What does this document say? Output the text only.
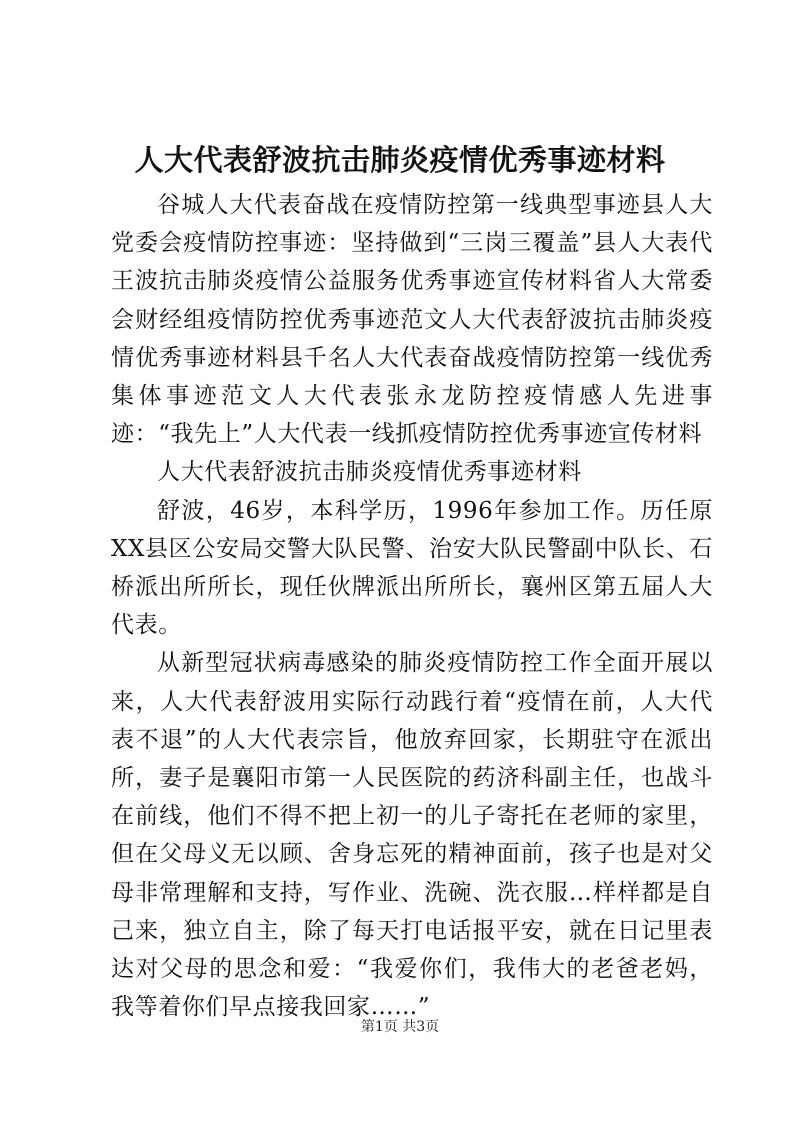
人大代表舒波抗击肺炎疫情优秀事迹材料

谷城人大代表奋战在疫情防控第一线典型事迹县人大党委会疫情防控事迹：坚持做到“三岗三覆盖”县人大表代王波抗击肺炎疫情公益服务优秀事迹宣传材料省人大常委会财经组疫情防控优秀事迹范文人大代表舒波抗击肺炎疫情优秀事迹材料县千名人大代表奋战疫情防控第一线优秀集体事迹范文人大代表张永龙防控疫情感人先进事迹：“我先上”人大代表一线抓疫情防控优秀事迹宣传材料

人大代表舒波抗击肺炎疫情优秀事迹材料

舒波，46岁，本科学历，1996年参加工作。历任原XX县区公安局交警大队民警、治安大队民警副中队长、石桥派出所所长，现任伙牌派出所所长，襄州区第五届人大代表。

从新型冠状病毒感染的肺炎疫情防控工作全面开展以来，人大代表舒波用实际行动践行着“疫情在前，人大代表不退”的人大代表宗旨，他放弃回家，长期驻守在派出所，妻子是襄阳市第一人民医院的药济科副主任，也战斗在前线，他们不得不把上初一的儿子寄托在老师的家里，但在父母义无以顾、舍身忘死的精神面前，孩子也是对父母非常理解和支持，写作业、洗碗、洗衣服…样样都是自己来，独立自主，除了每天打电话报平安，就在日记里表达对父母的思念和爱：“我爱你们，我伟大的老爸老妈，我等着你们早点接我回家……”

第1页 共3页
